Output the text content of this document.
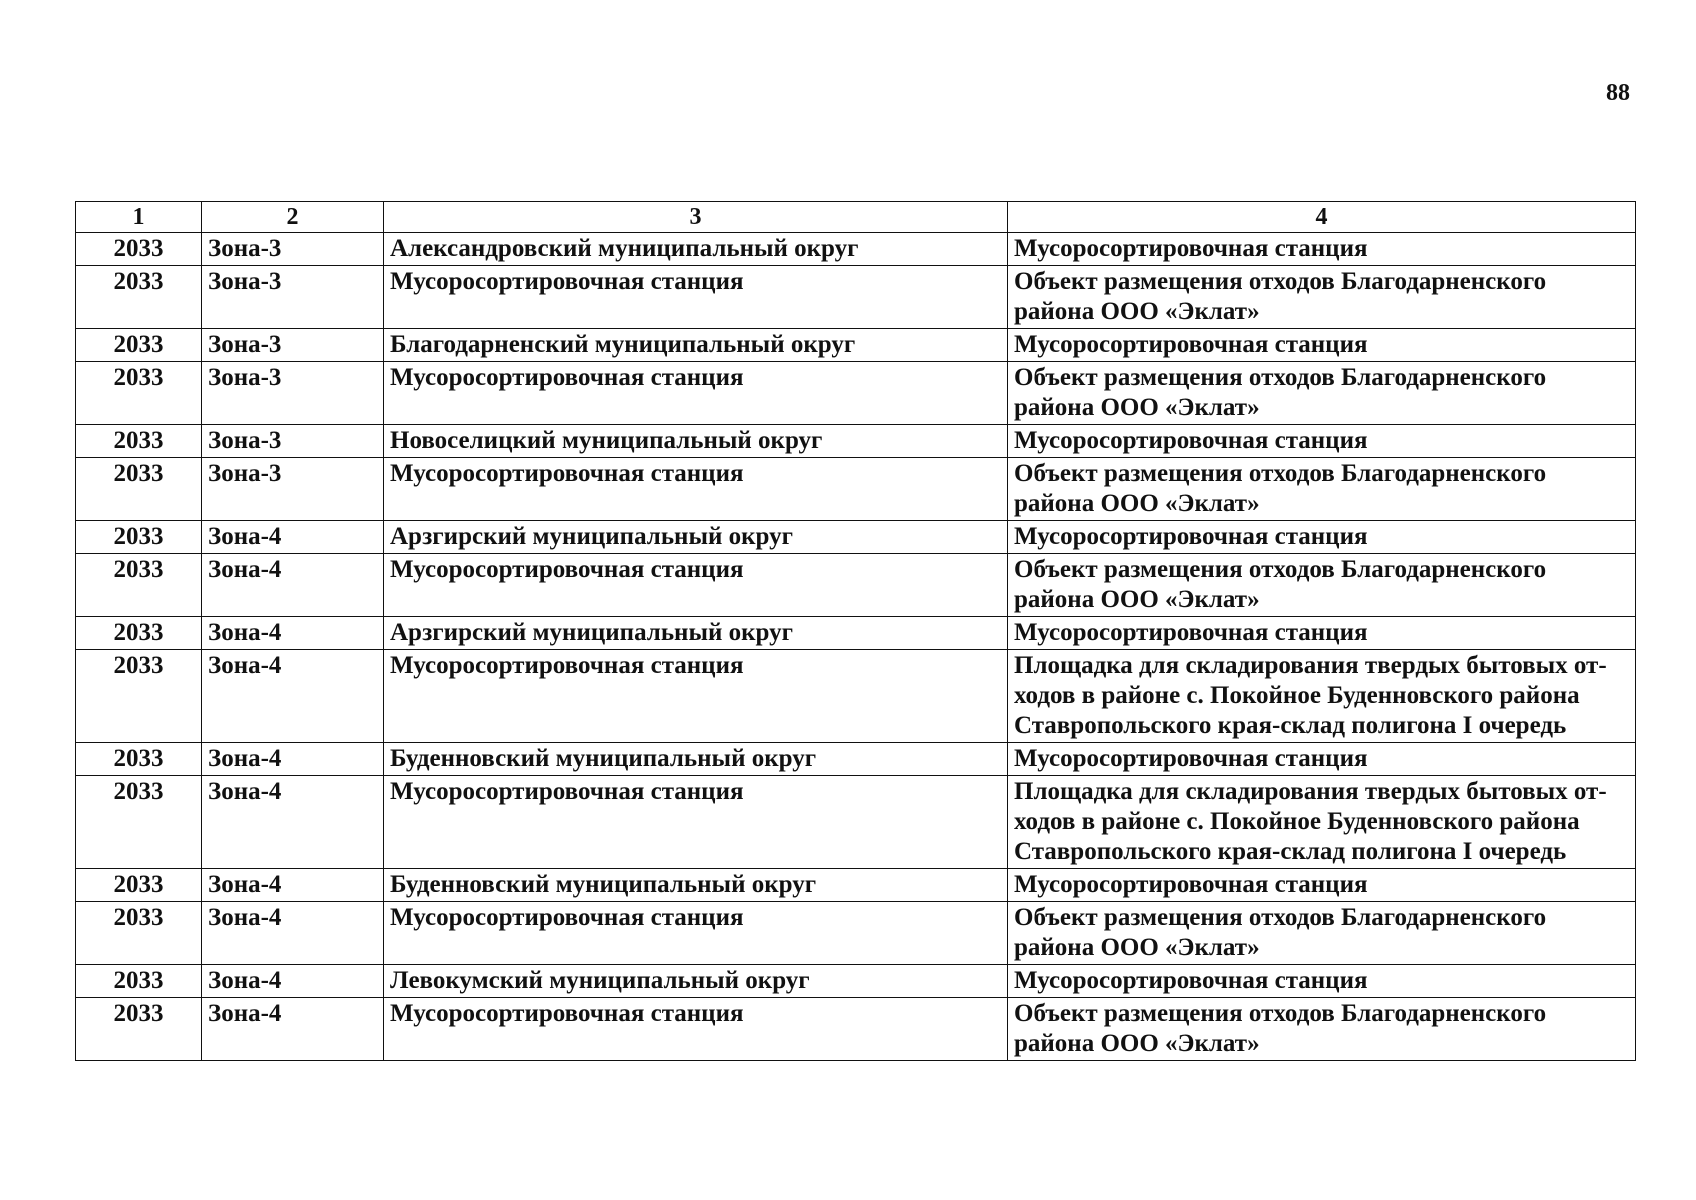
88
1	2	3	4
2033	Зона-3	Александровский муниципальный округ	Мусоросортировочная станция
2033	Зона-3	Мусоросортировочная станция	Объект размещения отходов Благодарненского района ООО «Эклат»
2033	Зона-3	Благодарненский муниципальный округ	Мусоросортировочная станция
2033	Зона-3	Мусоросортировочная станция	Объект размещения отходов Благодарненского района ООО «Эклат»
2033	Зона-3	Новоселицкий муниципальный округ	Мусоросортировочная станция
2033	Зона-3	Мусоросортировочная станция	Объект размещения отходов Благодарненского района ООО «Эклат»
2033	Зона-4	Арзгирский муниципальный округ	Мусоросортировочная станция
2033	Зона-4	Мусоросортировочная станция	Объект размещения отходов Благодарненского района ООО «Эклат»
2033	Зона-4	Арзгирский муниципальный округ	Мусоросортировочная станция
2033	Зона-4	Мусоросортировочная станция	Площадка для складирования твердых бытовых от-ходов в районе с. Покойное Буденновского района Ставропольского края-склад полигона I очередь
2033	Зона-4	Буденновский муниципальный округ	Мусоросортировочная станция
2033	Зона-4	Мусоросортировочная станция	Площадка для складирования твердых бытовых от-ходов в районе с. Покойное Буденновского района Ставропольского края-склад полигона I очередь
2033	Зона-4	Буденновский муниципальный округ	Мусоросортировочная станция
2033	Зона-4	Мусоросортировочная станция	Объект размещения отходов Благодарненского района ООО «Эклат»
2033	Зона-4	Левокумский муниципальный округ	Мусоросортировочная станция
2033	Зона-4	Мусоросортировочная станция	Объект размещения отходов Благодарненского района ООО «Эклат»
